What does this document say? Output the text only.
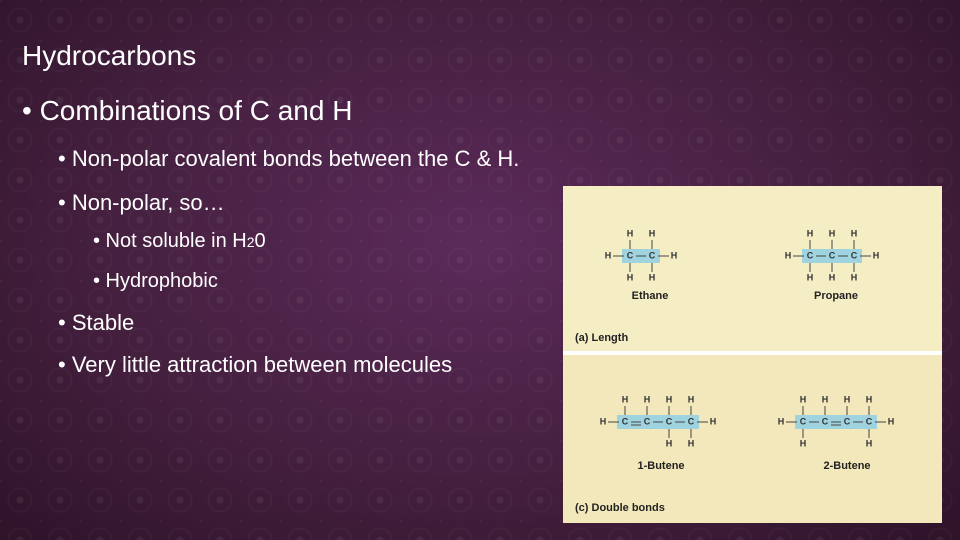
Hydrocarbons
• Combinations of C and H
• Non-polar covalent bonds between the C & H.
• Non-polar, so…
• Not soluble in H20
• Hydrophobic
• Stable
• Very little attraction between molecules
H	H
C
H
H
C
H
H
H	H
C
H
H
C
H
H
C
H
H
H	H
C
H
C
H
C
H
H
C
H
H
H	H
C
H
H
C
H
C
H
C
H
H
Ethane	Propane
1-Butene	2-Butene
(a) Length
(c) Double bonds
